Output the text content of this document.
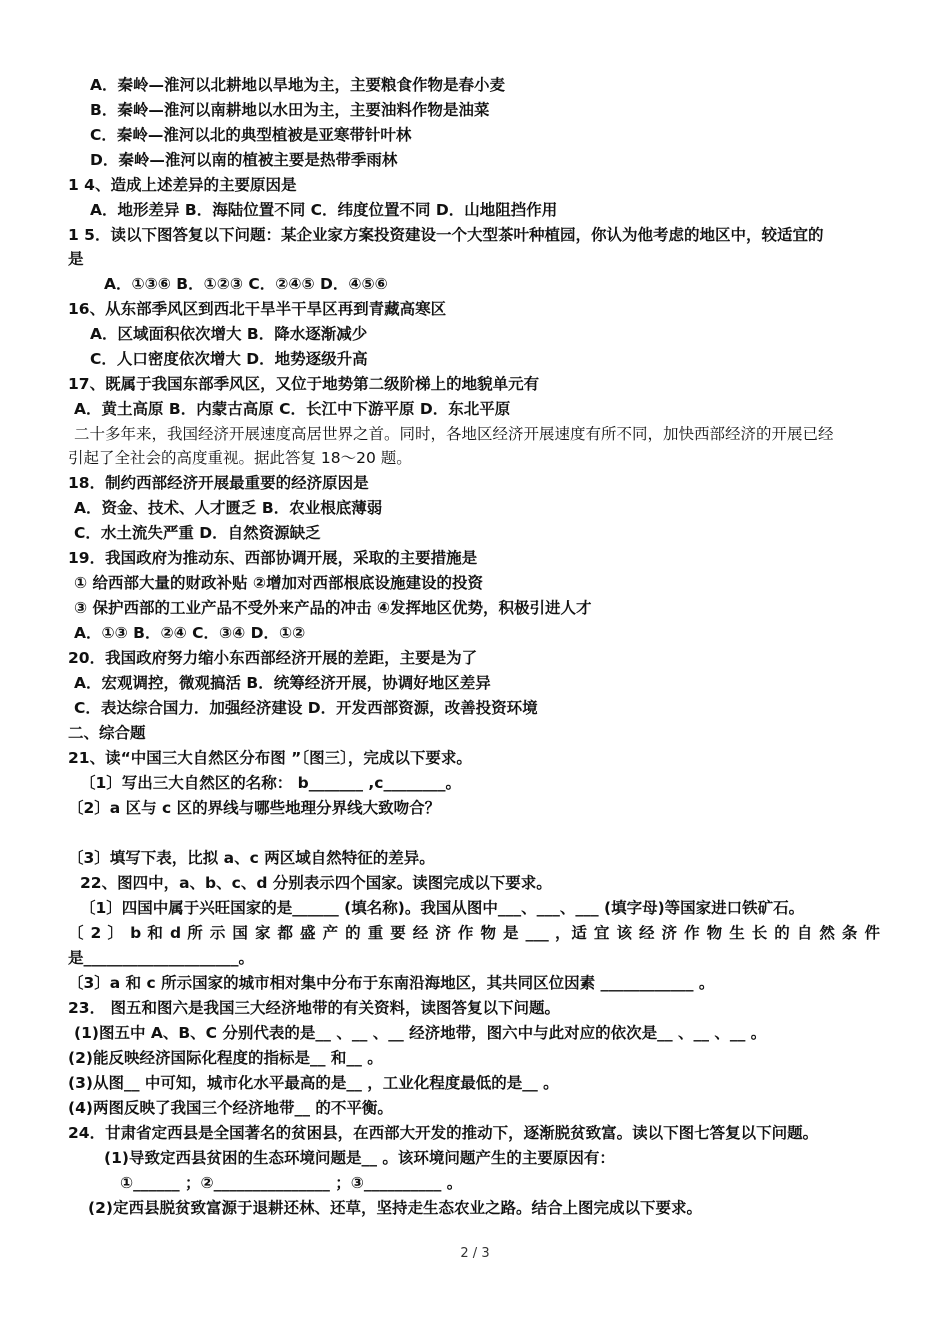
A．秦岭—淮河以北耕地以旱地为主，主要粮食作物是春小麦
B．秦岭—淮河以南耕地以水田为主，主要油料作物是油菜
C．秦岭—淮河以北的典型植被是亚寒带针叶林
D．秦岭—淮河以南的植被主要是热带季雨林
1 4、造成上述差异的主要原因是
A．地形差异 B．海陆位置不同 C．纬度位置不同 D．山地阻挡作用
1 5．读以下图答复以下问题：某企业家方案投资建设一个大型茶叶种植园，你认为他考虑的地区中，较适宜的
是
A．①③⑥ B．①②③ C．②④⑤ D．④⑤⑥
16、从东部季风区到西北干旱半干旱区再到青藏高寒区
A．区域面积依次增大 B．降水逐渐减少
C．人口密度依次增大 D．地势逐级升高
17、既属于我国东部季风区，又位于地势第二级阶梯上的地貌单元有
A．黄土高原 B．内蒙古高原 C．长江中下游平原 D．东北平原
二十多年来，我国经济开展速度高居世界之首。同时，各地区经济开展速度有所不同，加快西部经济的开展已经
引起了全社会的高度重视。据此答复 18～20 题。
18．制约西部经济开展最重要的经济原因是
A．资金、技术、人才匮乏 B．农业根底薄弱
C．水土流失严重 D．自然资源缺乏
19．我国政府为推动东、西部协调开展，采取的主要措施是
① 给西部大量的财政补贴 ②增加对西部根底设施建设的投资
③ 保护西部的工业产品不受外来产品的冲击 ④发挥地区优势，积极引进人才
A．①③ B．②④ C．③④ D．①②
20．我国政府努力缩小东西部经济开展的差距，主要是为了
A．宏观调控，微观搞活 B．统筹经济开展，协调好地区差异
C．表达综合国力．加强经济建设 D．开发西部资源，改善投资环境
二、综合题
21、读“中国三大自然区分布图 ”〔图三〕，完成以下要求。
〔1〕写出三大自然区的名称： b_______ ,c________。
〔2〕a 区与 c 区的界线与哪些地理分界线大致吻合？
〔3〕填写下表，比拟 a、c 两区域自然特征的差异。
22、图四中，a、b、c、d 分别表示四个国家。读图完成以下要求。
〔1〕四国中属于兴旺国家的是______ (填名称)。我国从图中___、___、___ (填字母)等国家进口铁矿石。
〔 2 〕 b 和 d 所 示 国 家 都 盛 产 的 重 要 经 济 作 物 是 ___ ，适 宜 该 经 济 作 物 生 长 的 自 然 条 件
是____________________。
〔3〕a 和 c 所示国家的城市相对集中分布于东南沿海地区，其共同区位因素 ____________ 。
23． 图五和图六是我国三大经济地带的有关资料，读图答复以下问题。
(1)图五中 A、B、C 分别代表的是__ 、__ 、__ 经济地带，图六中与此对应的依次是__ 、__ 、__ 。
(2)能反映经济国际化程度的指标是__ 和__ 。
(3)从图__ 中可知，城市化水平最高的是__ ，工业化程度最低的是__ 。
(4)两图反映了我国三个经济地带__ 的不平衡。
24．甘肃省定西县是全国著名的贫困县，在西部大开发的推动下，逐渐脱贫致富。读以下图七答复以下问题。
(1)导致定西县贫困的生态环境问题是__ 。该环境问题产生的主要原因有：
①______ ；②_______________ ；③__________ 。
(2)定西县脱贫致富源于退耕还林、还草，坚持走生态农业之路。结合上图完成以下要求。
2 / 3
